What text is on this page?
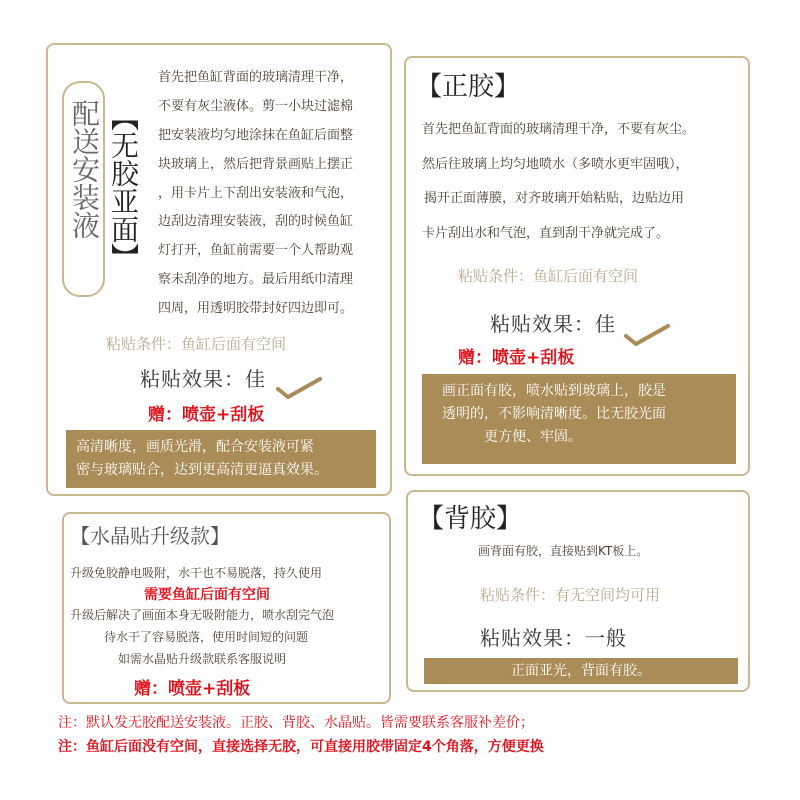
配送安装液 【无胶亚面】
首先把鱼缸背面的玻璃清理干净，
不要有灰尘液体。剪一小块过滤棉
把安装液均匀地涂抹在鱼缸后面整
块玻璃上，然后把背景画贴上摆正
，用卡片上下刮出安装液和气泡，
边刮边清理安装液，刮的时候鱼缸
灯打开，鱼缸前需要一个人帮助观
察未刮净的地方。最后用纸巾清理
四周，用透明胶带封好四边即可。
粘贴条件：鱼缸后面有空间
粘贴效果：佳
赠：喷壶+刮板
高清晰度，画质光滑，配合安装液可紧
密与玻璃贴合，达到更高清更逼真效果。
【正胶】
首先把鱼缸背面的玻璃清理干净，不要有灰尘。
然后往玻璃上均匀地喷水（多喷水更牢固哦），
揭开正面薄膜，对齐玻璃开始粘贴，边贴边用
卡片刮出水和气泡，直到刮干净就完成了。
粘贴条件：鱼缸后面有空间
粘贴效果：佳
赠：喷壶+刮板
画正面有胶，喷水贴到玻璃上，胶是
透明的，不影响清晰度。比无胶光面
更方便、牢固。
【水晶贴升级款】
升级免胶静电吸附，水干也不易脱落，持久使用
需要鱼缸后面有空间
升级后解决了画面本身无吸附能力，喷水刮完气泡
待水干了容易脱落，使用时间短的问题
如需水晶贴升级款联系客服说明
赠：喷壶+刮板
【背胶】
画背面有胶，直接贴到KT板上。
粘贴条件：有无空间均可用
粘贴效果：一般
正面亚光，背面有胶。
注：默认发无胶配送安装液。正胶、背胶、水晶贴。皆需要联系客服补差价；
注：鱼缸后面没有空间，直接选择无胶，可直接用胶带固定4个角落，方便更换
